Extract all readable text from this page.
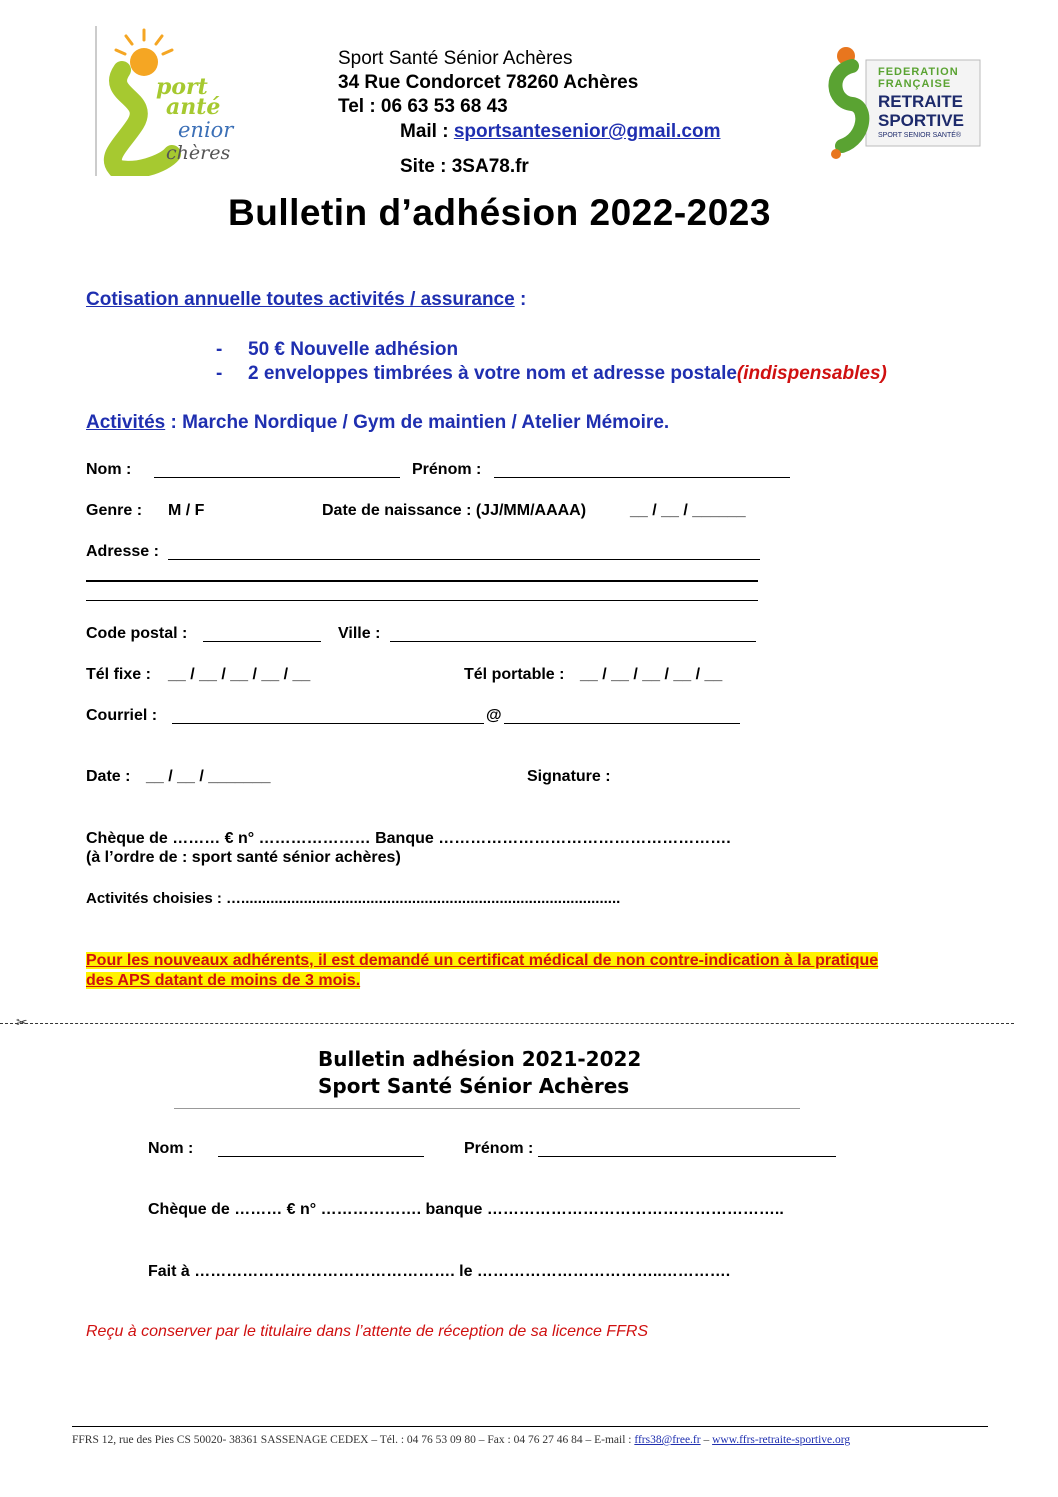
port
anté
enior
chères
Sport Santé Sénior Achères
34 Rue Condorcet 78260 Achères
Tel : 06 63 53 68 43
Mail : sportsantesenior@gmail.com
Site : 3SA78.fr
FEDERATION
FRANÇAISE
RETRAITE
SPORTIVE
SPORT SENIOR SANTÉ®
Bulletin d’adhésion 2022-2023
Cotisation annuelle toutes activités / assurance :
- 50 € Nouvelle adhésion
- 2 enveloppes timbrées à votre nom et adresse postale(indispensables)
Activités : Marche Nordique / Gym de maintien / Atelier Mémoire.
Nom :	Prénom :
Genre : M / F	Date de naissance : (JJ/MM/AAAA)	__ / __ / ______
Adresse :
Code postal :	Ville :
Tél fixe : __ / __ / __ / __ / __	Tél portable : __ / __ / __ / __ / __
Courriel :	@
Date : __ / __ / _______	Signature :
Chèque de ……… € n° ………………… Banque ……………………………………………….
(à l’ordre de : sport santé sénior achères)
Activités choisies : …...........................................................................................
Pour les nouveaux adhérents, il est demandé un certificat médical de non contre-indication à la pratique
des APS datant de moins de 3 mois.
✂
Bulletin adhésion 2021-2022
Sport Santé Sénior Achères
Nom :	Prénom :
Chèque de ……… € n° ………………. banque ………………………………………………..
Fait à …………………………………………. le ……………………………..………….
Reçu à conserver par le titulaire dans l’attente de réception de sa licence FFRS
FFRS 12, rue des Pies CS 50020- 38361 SASSENAGE CEDEX – Tél. : 04 76 53 09 80 – Fax : 04 76 27 46 84 – E-mail : ffrs38@free.fr – www.ffrs-retraite-sportive.org
